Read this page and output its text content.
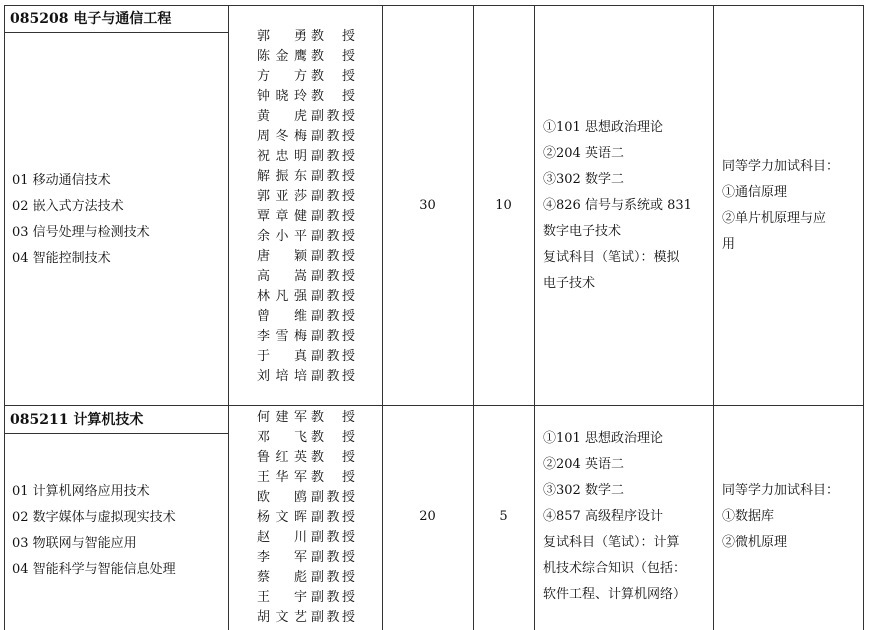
085208 电子与通信工程
01 移动通信技术
02 嵌入式方法技术
03 信号处理与检测技术
04 智能控制技术
郭勇 教授
陈金鹰 教授
方方 教授
钟晓玲 教授
黄虎 副教授
周冬梅 副教授
祝忠明 副教授
解振东 副教授
郭亚莎 副教授
覃章健 副教授
余小平 副教授
唐颖 副教授
高嵩 副教授
林凡强 副教授
曾维 副教授
李雪梅 副教授
于真 副教授
刘培培 副教授
30	10
①101 思想政治理论
②204 英语二
③302 数学二
④826 信号与系统或 831
数字电子技术
复试科目（笔试）：模拟
电子技术
同等学力加试科目：
①通信原理
②单片机原理与应
用
085211 计算机技术
01 计算机网络应用技术
02 数字媒体与虚拟现实技术
03 物联网与智能应用
04 智能科学与智能信息处理
何建军 教授
邓飞 教授
鲁红英 教授
王华军 教授
欧鸥 副教授
杨文晖 副教授
赵川 副教授
李军 副教授
蔡彪 副教授
王宇 副教授
胡文艺 副教授
20	5
①101 思想政治理论
②204 英语二
③302 数学二
④857 高级程序设计
复试科目（笔试）：计算
机技术综合知识（包括：
软件工程、计算机网络）
同等学力加试科目：
①数据库
②微机原理
